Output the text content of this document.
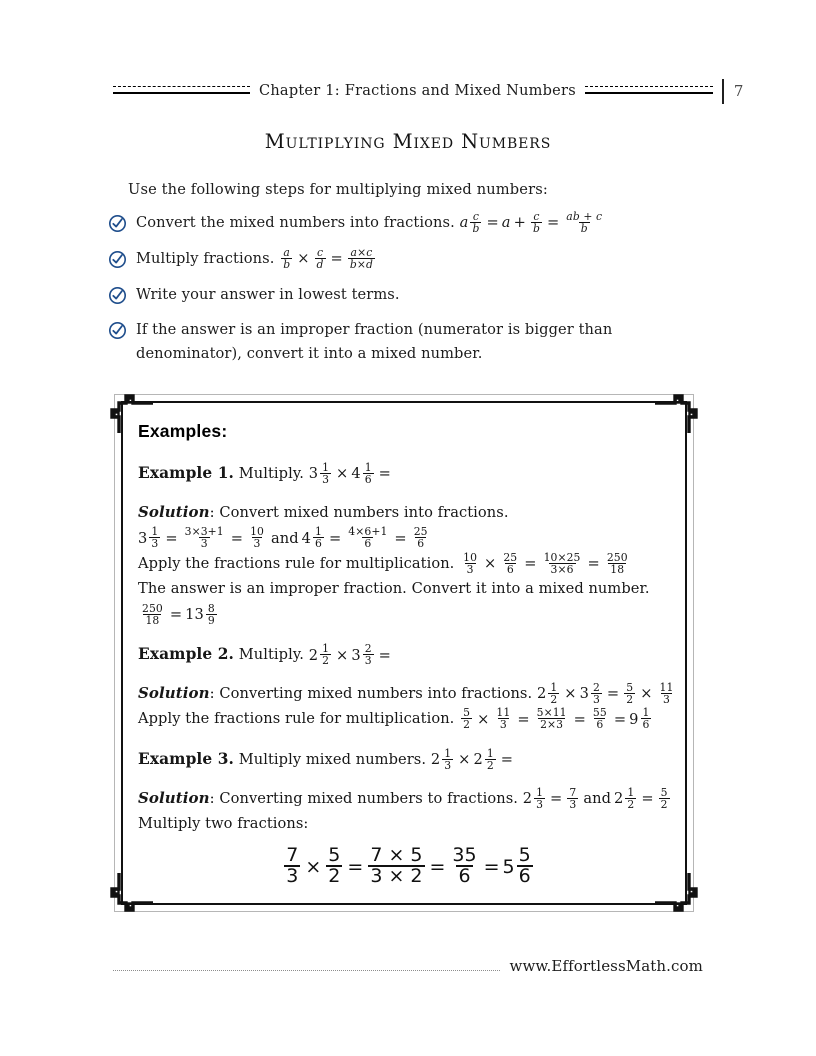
Chapter 1: Fractions and Mixed Numbers	7
Multiplying Mixed Numbers
Use the following steps for multiplying mixed numbers:
Convert the mixed numbers into fractions. a $\frac{c}{b} = a + \frac{c}{b} = \frac{ab + c}{b}$
Multiply fractions. $\frac{a}{b} \times \frac{c}{d} = \frac{a\times c}{b\times d}$
Write your answer in lowest terms.
If the answer is an improper fraction (numerator is bigger than denominator), convert it into a mixed number.
Examples:
Example 1. Multiply. $3 \frac{1}{3} \times 4 \frac{1}{6}$ =
Solution: Convert mixed numbers into fractions.
$3 \frac{1}{3} = \frac{3\times 3+1}{3} = \frac{10}{3}$ and $4 \frac{1}{6} = \frac{4\times 6+1}{6} = \frac{25}{6}$
Apply the fractions rule for multiplication. $\frac{10}{3} \times \frac{25}{6} = \frac{10\times 25}{3\times 6} = \frac{250}{18}$
The answer is an improper fraction. Convert it into a mixed number.
$\frac{250}{18} = 13 \frac{8}{9}$
Example 2. Multiply. $2 \frac{1}{2} \times 3 \frac{2}{3}$ =
Solution: Converting mixed numbers into fractions. $2 \frac{1}{2} \times 3 \frac{2}{3} = \frac{5}{2} \times \frac{11}{3}$
Apply the fractions rule for multiplication. $\frac{5}{2} \times \frac{11}{3} = \frac{5\times 11}{2\times 3} = \frac{55}{6} = 9 \frac{1}{6}$
Example 3. Multiply mixed numbers. $2 \frac{1}{3} \times 2 \frac{1}{2}$ =
Solution: Converting mixed numbers to fractions. $2 \frac{1}{3} = \frac{7}{3}$ and $2 \frac{1}{2} = \frac{5}{2}$
Multiply two fractions:
$\frac{7}{3} \times \frac{5}{2} = \frac{7 \times 5}{3 \times 2} = \frac{35}{6} = 5 \frac{5}{6}$
www.EffortlessMath.com
